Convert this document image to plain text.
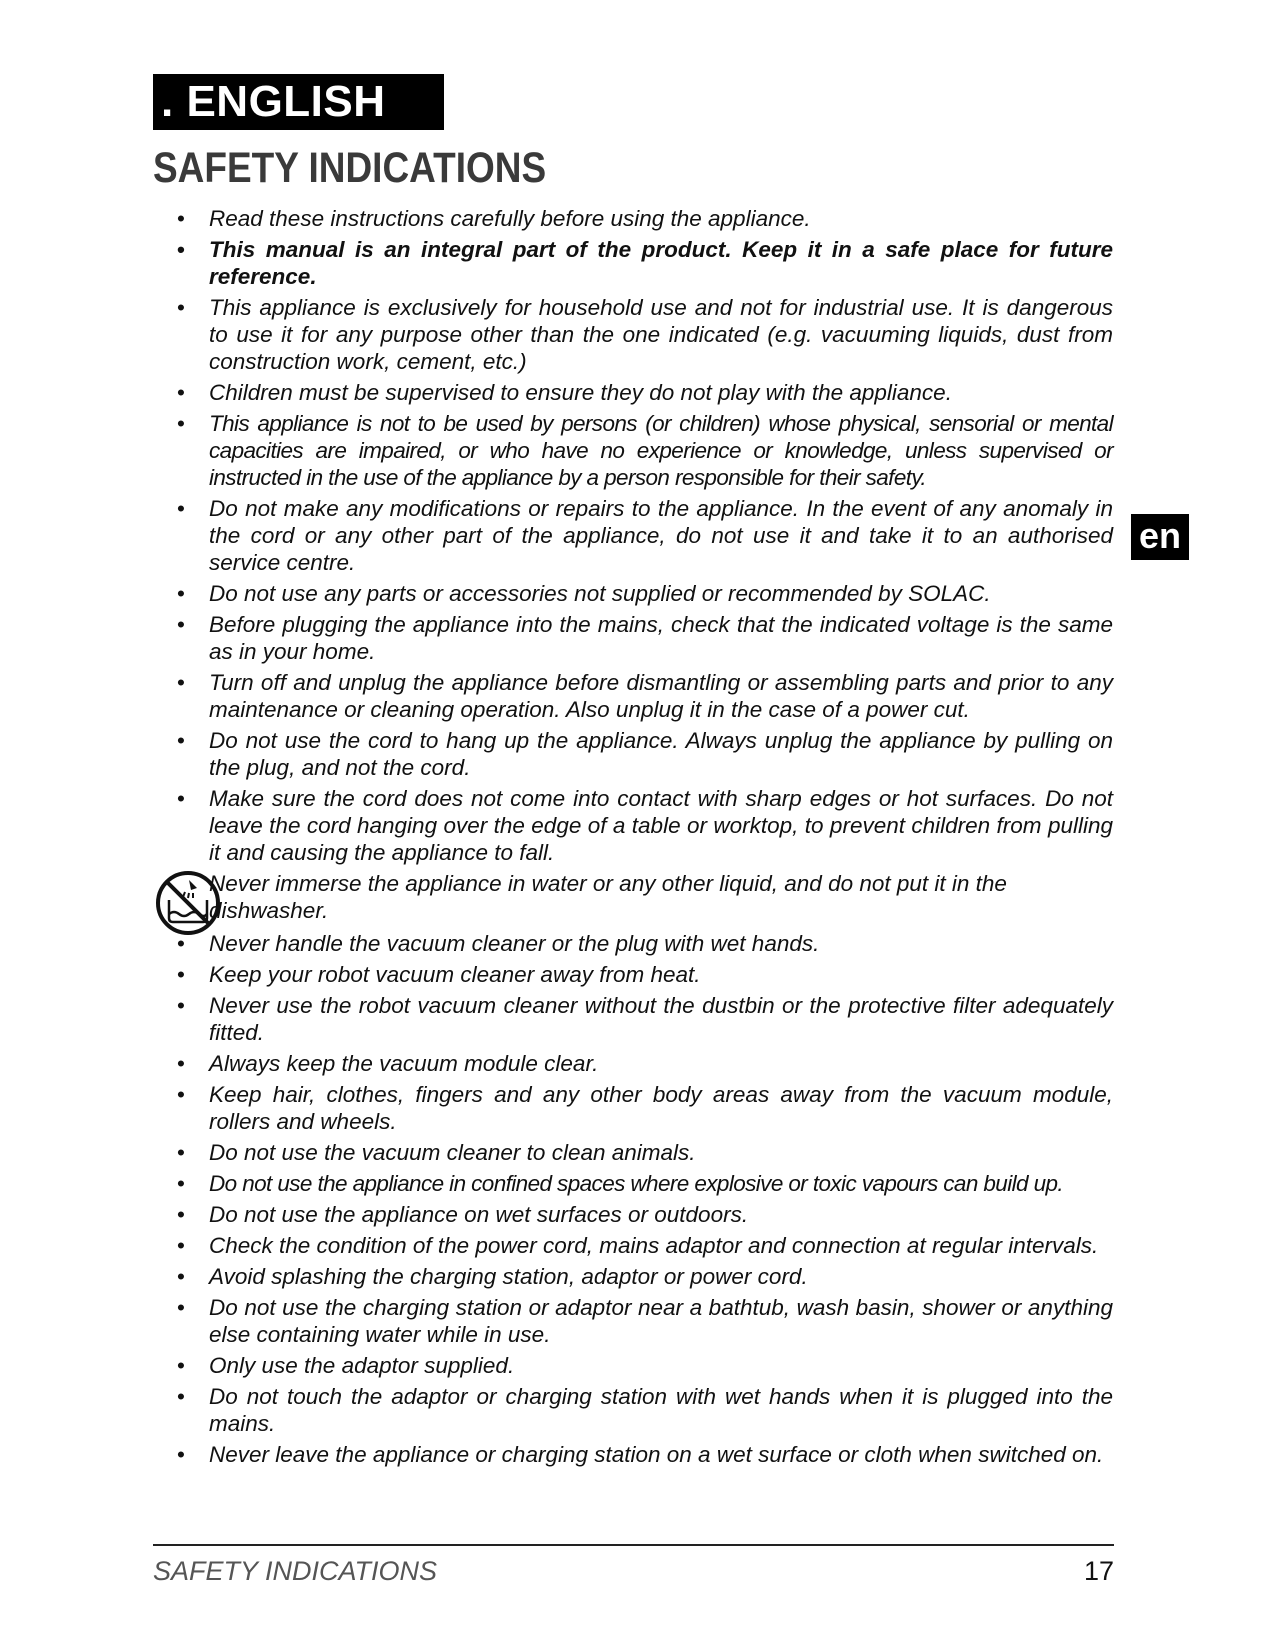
. ENGLISH
SAFETY INDICATIONS
en
• Read these instructions carefully before using the appliance.
• This manual is an integral part of the product. Keep it in a safe place for future reference.
• This appliance is exclusively for household use and not for industrial use. It is dangerous to use it for any purpose other than the one indicated (e.g. vacuuming liquids, dust from construction work, cement, etc.)
• Children must be supervised to ensure they do not play with the appliance.
• This appliance is not to be used by persons (or children) whose physical, sensorial or mental capacities are impaired, or who have no experience or knowledge, unless supervised or instructed in the use of the appliance by a person responsible for their safety.
• Do not make any modifications or repairs to the appliance. In the event of any anomaly in the cord or any other part of the appliance, do not use it and take it to an authorised service centre.
• Do not use any parts or accessories not supplied or recommended by SOLAC.
• Before plugging the appliance into the mains, check that the indicated voltage is the same as in your home.
• Turn off and unplug the appliance before dismantling or assembling parts and prior to any maintenance or cleaning operation. Also unplug it in the case of a power cut.
• Do not use the cord to hang up the appliance. Always unplug the appliance by pulling on the plug, and not the cord.
• Make sure the cord does not come into contact with sharp edges or hot surfaces. Do not leave the cord hanging over the edge of a table or worktop, to prevent children from pulling it and causing the appliance to fall.
Never immerse the appliance in water or any other liquid, and do not put it in the dishwasher.
• Never handle the vacuum cleaner or the plug with wet hands.
• Keep your robot vacuum cleaner away from heat.
• Never use the robot vacuum cleaner without the dustbin or the protective filter adequately fitted.
• Always keep the vacuum module clear.
• Keep hair, clothes, fingers and any other body areas away from the vacuum module, rollers and wheels.
• Do not use the vacuum cleaner to clean animals.
• Do not use the appliance in confined spaces where explosive or toxic vapours can build up.
• Do not use the appliance on wet surfaces or outdoors.
• Check the condition of the power cord, mains adaptor and connection at regular intervals.
• Avoid splashing the charging station, adaptor or power cord.
• Do not use the charging station or adaptor near a bathtub, wash basin, shower or anything else containing water while in use.
• Only use the adaptor supplied.
• Do not touch the adaptor or charging station with wet hands when it is plugged into the mains.
• Never leave the appliance or charging station on a wet surface or cloth when switched on.
SAFETY INDICATIONS	17
